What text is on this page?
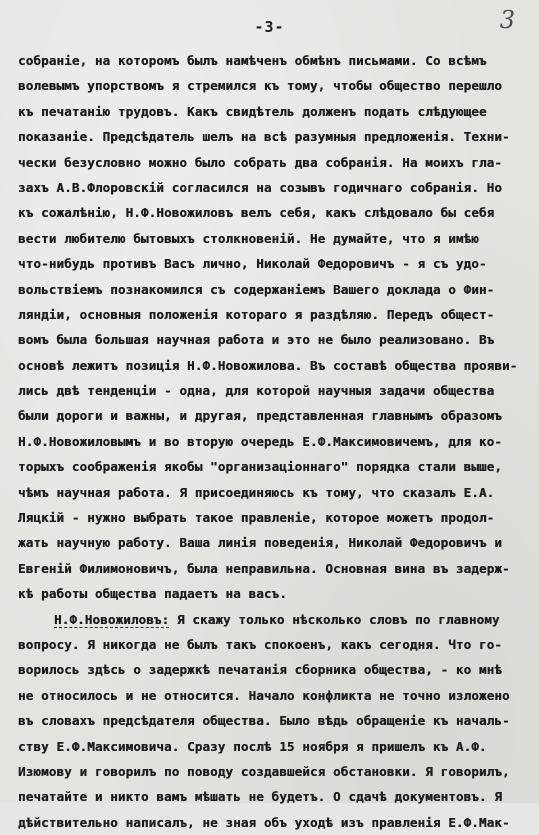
-3-	3
собраніе, на которомъ былъ намѣченъ обмѣнъ письмами. Со всѣмъ
волевымъ упорствомъ я стремился къ тому, чтобы общество перешло
къ печатанію трудовъ. Какъ свидѣтель долженъ подать слѣдующее
показаніе. Предсѣдатель шелъ на всѣ разумныя предложенія. Техни-
чески безусловно можно было собрать два собранія. На моихъ гла-
захъ А.В.Флоровскій согласился на созывъ годичнаго собранія. Но
къ сожалѣнію, Н.Ф.Новожиловъ велъ себя, какъ слѣдовало бы себя
вести любителю бытовыхъ столкновеній. Не думайте, что я имѣю
что-нибудь противъ Васъ лично, Николай Федоровичъ - я съ удо-
вольствіемъ познакомился съ содержаніемъ Вашего доклада о Фин-
ляндіи, основныя положенія котораго я раздѣляю. Передъ общест-
вомъ была большая научная работа и это не было реализовано. Въ
основѣ лежитъ позиція Н.Ф.Новожилова. Въ составѣ общества прояви-
лись двѣ тенденціи - одна, для которой научныя задачи общества
были дороги и важны, и другая, представленная главнымъ образомъ
Н.Ф.Новожиловымъ и во вторую очередь Е.Ф.Максимовичемъ, для ко-
торыхъ соображенія якобы "организаціоннаго" порядка стали выше,
чѣмъ научная работа. Я присоединяюсь къ тому, что сказалъ Е.А.
Ляцкій - нужно выбрать такое правленіе, которое можетъ продол-
жать научную работу. Ваша линія поведенія, Николай Федоровичъ и
Евгеній Филимоновичъ, была неправильна. Основная вина въ задерж-
кѣ работы общества падаетъ на васъ.
Н.Ф.Новожиловъ: Я скажу только нѣсколько словъ по главному
вопросу. Я никогда не былъ такъ спокоенъ, какъ сегодня. Что го-
ворилось здѣсь о задержкѣ печатанія сборника общества, - ко мнѣ
не относилось и не относится. Начало конфликта не точно изложено
въ словахъ предсѣдателя общества. Было вѣдь обращеніе къ началь-
ству Е.Ф.Максимовича. Сразу послѣ 15 ноября я пришелъ къ А.Ф.
Изюмову и говорилъ по поводу создавшейся обстановки. Я говорилъ,
печатайте и никто вамъ мѣшать не будетъ. О сдачѣ документовъ. Я
дѣйствительно написалъ, не зная объ уходѣ изъ правленія Е.Ф.Мак-
